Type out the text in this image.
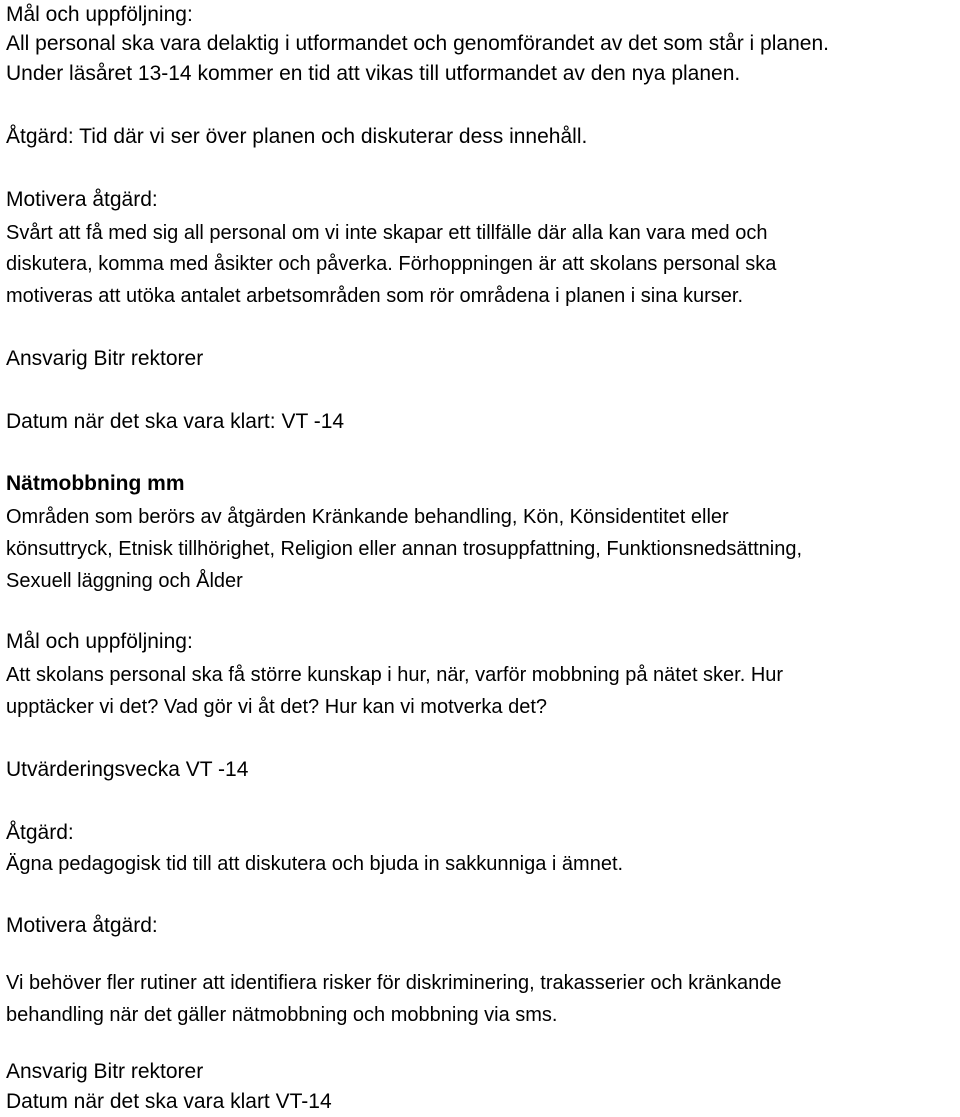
Mål och uppföljning:
All personal ska vara delaktig i utformandet och genomförandet av det som står i planen.
Under läsåret 13-14 kommer en tid att vikas till utformandet av den nya planen.
Åtgärd: Tid där vi ser över planen och diskuterar dess innehåll.
Motivera åtgärd:
Svårt att få med sig all personal om vi inte skapar ett tillfälle där alla kan vara med och
diskutera, komma med åsikter och påverka. Förhoppningen är att skolans personal ska
motiveras att utöka antalet arbetsområden som rör områdena i planen i sina kurser.
Ansvarig Bitr rektorer
Datum när det ska vara klart: VT -14
Nätmobbning mm
Områden som berörs av åtgärden Kränkande behandling, Kön, Könsidentitet eller
könsuttryck, Etnisk tillhörighet, Religion eller annan trosuppfattning, Funktionsnedsättning,
Sexuell läggning och Ålder
Mål och uppföljning:
Att skolans personal ska få större kunskap i hur, när, varför mobbning på nätet sker. Hur
upptäcker vi det? Vad gör vi åt det? Hur kan vi motverka det?
Utvärderingsvecka VT -14
Åtgärd:
Ägna pedagogisk tid till att diskutera och bjuda in sakkunniga i ämnet.
Motivera åtgärd:
Vi behöver fler rutiner att identifiera risker för diskriminering, trakasserier och kränkande
behandling när det gäller nätmobbning och mobbning via sms.
Ansvarig Bitr rektorer
Datum när det ska vara klart VT-14
